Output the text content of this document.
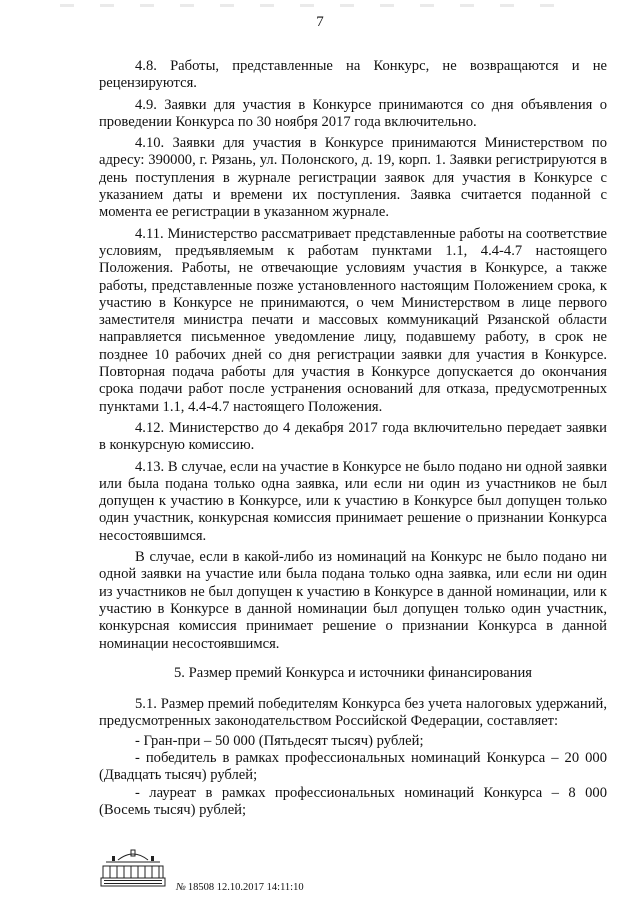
7

4.8. Работы, представленные на Конкурс, не возвращаются и не рецензируются.

4.9. Заявки для участия в Конкурсе принимаются со дня объявления о проведении Конкурса по 30 ноября 2017 года включительно.

4.10. Заявки для участия в Конкурсе принимаются Министерством по адресу: 390000, г. Рязань, ул. Полонского, д. 19, корп. 1. Заявки регистрируются в день поступления в журнале регистрации заявок для участия в Конкурсе с указанием даты и времени их поступления. Заявка считается поданной с момента ее регистрации в указанном журнале.

4.11. Министерство рассматривает представленные работы на соответствие условиям, предъявляемым к работам пунктами 1.1, 4.4-4.7 настоящего Положения. Работы, не отвечающие условиям участия в Конкурсе, а также работы, представленные позже установленного настоящим Положением срока, к участию в Конкурсе не принимаются, о чем Министерством в лице первого заместителя министра печати и массовых коммуникаций Рязанской области направляется письменное уведомление лицу, подавшему работу, в срок не позднее 10 рабочих дней со дня регистрации заявки для участия в Конкурсе. Повторная подача работы для участия в Конкурсе допускается до окончания срока подачи работ после устранения оснований для отказа, предусмотренных пунктами 1.1, 4.4-4.7 настоящего Положения.

4.12. Министерство до 4 декабря 2017 года включительно передает заявки в конкурсную комиссию.

4.13. В случае, если на участие в Конкурсе не было подано ни одной заявки или была подана только одна заявка, или если ни один из участников не был допущен к участию в Конкурсе, или к участию в Конкурсе был допущен только один участник, конкурсная комиссия принимает решение о признании Конкурса несостоявшимся.

В случае, если в какой-либо из номинаций на Конкурс не было подано ни одной заявки на участие или была подана только одна заявка, или если ни один из участников не был допущен к участию в Конкурсе в данной номинации, или к участию в Конкурсе в данной номинации был допущен только один участник, конкурсная комиссия принимает решение о признании Конкурса в данной номинации несостоявшимся.

5. Размер премий Конкурса и источники финансирования

5.1. Размер премий победителям Конкурса без учета налоговых удержаний, предусмотренных законодательством Российской Федерации, составляет:

- Гран-при – 50 000 (Пятьдесят тысяч) рублей;

- победитель в рамках профессиональных номинаций Конкурса – 20 000 (Двадцать тысяч) рублей;

- лауреат в рамках профессиональных номинаций Конкурса – 8 000 (Восемь тысяч) рублей;

№ 18508 12.10.2017 14:11:10
